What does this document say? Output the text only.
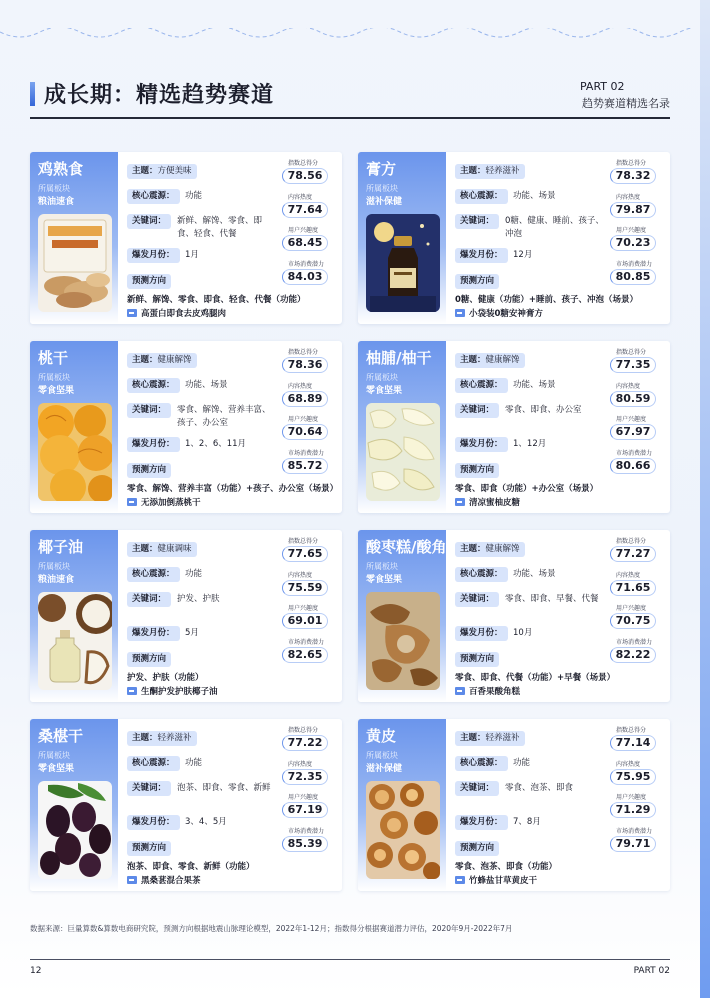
成长期：精选趋势赛道	PART 02
趋势赛道精选名录
鸡熟食
所属板块
粮油速食
主题：方便美味
核心震源：	功能
关键词：	新鲜、解馋、零食、即食、轻食、代餐
爆发月份：	1月
预测方向
指数总得分
78.56
内容热度
77.64
用户兴趣度
68.45
市场消费潜力
84.03
新鲜、解馋、零食、即食、轻食、代餐（功能）
高蛋白即食去皮鸡腿肉
膏方
所属板块
滋补保健
主题：轻养滋补
核心震源：	功能、场景
关键词：	0糖、健康、睡前、孩子、冲泡
爆发月份：	12月
预测方向
指数总得分
78.32
内容热度
79.87
用户兴趣度
70.23
市场消费潜力
80.85
0糖、健康（功能）+睡前、孩子、冲泡（场景）
小袋装0糖安神膏方
桃干
所属板块
零食坚果
主题：健康解馋
核心震源：	功能、场景
关键词：	零食、解馋、营养丰富、孩子、办公室
爆发月份：	1、2、6、11月
预测方向
指数总得分
78.36
内容热度
68.89
用户兴趣度
70.64
市场消费潜力
85.72
零食、解馋、营养丰富（功能）+孩子、办公室（场景）
无添加倒蒸桃干
柚脯/柚干
所属板块
零食坚果
主题：健康解馋
核心震源：	功能、场景
关键词：	零食、即食、办公室
爆发月份：	1、12月
预测方向
指数总得分
77.35
内容热度
80.59
用户兴趣度
67.97
市场消费潜力
80.66
零食、即食（功能）+办公室（场景）
清凉蜜柚皮糖
椰子油
所属板块
粮油速食
主题：健康调味
核心震源：	功能
关键词：	护发、护肤
爆发月份：	5月
预测方向
指数总得分
77.65
内容热度
75.59
用户兴趣度
69.01
市场消费潜力
82.65
护发、护肤（功能）
生酮护发护肤椰子油
酸枣糕/酸角
所属板块
零食坚果
主题：健康解馋
核心震源：	功能、场景
关键词：	零食、即食、早餐、代餐
爆发月份：	10月
预测方向
指数总得分
77.27
内容热度
71.65
用户兴趣度
70.75
市场消费潜力
82.22
零食、即食、代餐（功能）+早餐（场景）
百香果酸角糕
桑椹干
所属板块
零食坚果
主题：轻养滋补
核心震源：	功能
关键词：	泡茶、即食、零食、新鲜
爆发月份：	3、4、5月
预测方向
指数总得分
77.22
内容热度
72.35
用户兴趣度
67.19
市场消费潜力
85.39
泡茶、即食、零食、新鲜（功能）
黑桑葚混合果茶
黄皮
所属板块
滋补保健
主题：轻养滋补
核心震源：	功能
关键词：	零食、泡茶、即食
爆发月份：	7、8月
预测方向
指数总得分
77.14
内容热度
75.95
用户兴趣度
71.29
市场消费潜力
79.71
零食、泡茶、即食（功能）
竹蜂盐甘草黄皮干
数据来源：巨量算数&算数电商研究院，预测方向根据地震山脉理论模型，2022年1-12月；指数得分根据赛道潜力评估，2020年9月-2022年7月
12	PART 02
